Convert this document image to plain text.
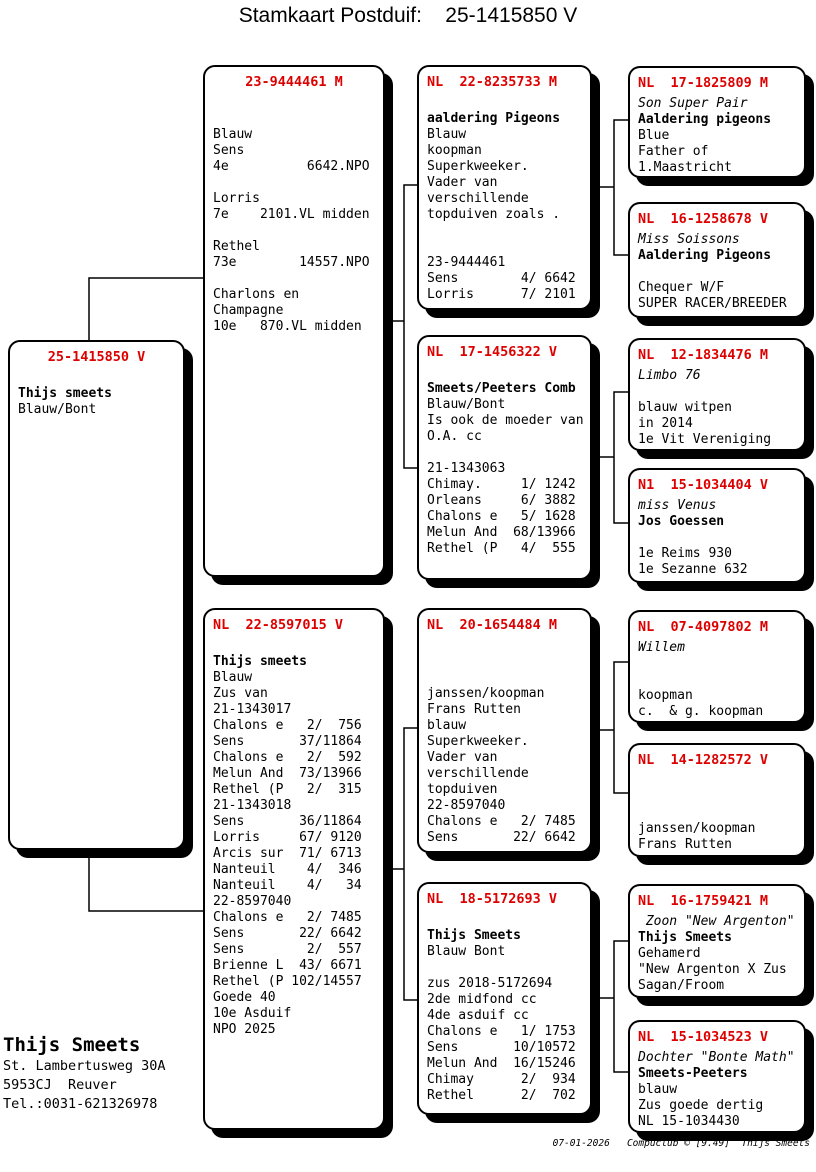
Stamkaart Postduif:    25-1415850 V
25-1415850 V

Thijs smeets
Blauw/Bont
23-9444461 M

Blauw
Sens
4e          6642.NPO

Lorris
7e    2101.VL midden

Rethel
73e        14557.NPO

Charlons en
Champagne
10e   870.VL midden
NL  22-8597015 V

Thijs smeets
Blauw
Zus van
21-1343017
Chalons e   2/  756
Sens       37/11864
Chalons e   2/  592
Melun And  73/13966
Rethel (P   2/  315
21-1343018
Sens       36/11864
Lorris     67/ 9120
Arcis sur  71/ 6713
Nanteuil    4/  346
Nanteuil    4/   34
22-8597040
Chalons e   2/ 7485
Sens       22/ 6642
Sens        2/  557
Brienne L  43/ 6671
Rethel (P 102/14557
Goede 40
10e Asduif
NPO 2025
NL  22-8235733 M

aaldering Pigeons
Blauw
koopman
Superkweeker.
Vader van
verschillende
topduiven zoals .

23-9444461
Sens        4/ 6642
Lorris      7/ 2101
NL  17-1456322 V

Smeets/Peeters Comb
Blauw/Bont
Is ook de moeder van
O.A. cc

21-1343063
Chimay.     1/ 1242
Orleans     6/ 3882
Chalons e   5/ 1628
Melun And  68/13966
Rethel (P   4/  555
NL  20-1654484 M

janssen/koopman
Frans Rutten
blauw
Superkweeker.
Vader van
verschillende
topduiven
22-8597040
Chalons e   2/ 7485
Sens       22/ 6642
NL  18-5172693 V

Thijs Smeets
Blauw Bont

zus 2018-5172694
2de midfond cc
4de asduif cc
Chalons e   1/ 1753
Sens       10/10572
Melun And  16/15246
Chimay      2/  934
Rethel      2/  702
NL  17-1825809 M
Son Super Pair
Aaldering pigeons
Blue
Father of
1.Maastricht
NL  16-1258678 V
Miss Soissons
Aaldering Pigeons

Chequer W/F
SUPER RACER/BREEDER
NL  12-1834476 M
Limbo 76

blauw witpen
in 2014
1e Vit Vereniging
N1  15-1034404 V
miss Venus
Jos Goessen

1e Reims 930
1e Sezanne 632
NL  07-4097802 M
Willem

koopman
c.  & g. koopman
NL  14-1282572 V

janssen/koopman
Frans Rutten
NL  16-1759421 M
Zoon "New Argenton"
Thijs Smeets
Gehamerd
"New Argenton X Zus
Sagan/Froom
NL  15-1034523 V
Dochter "Bonte Math"
Smeets-Peeters
blauw
Zus goede dertig
NL 15-1034430
Thijs Smeets
St. Lambertusweg 30A
5953CJ  Reuver
Tel.:0031-621326978
07-01-2026   Compuclub © [9.49]  Thijs Smeets
